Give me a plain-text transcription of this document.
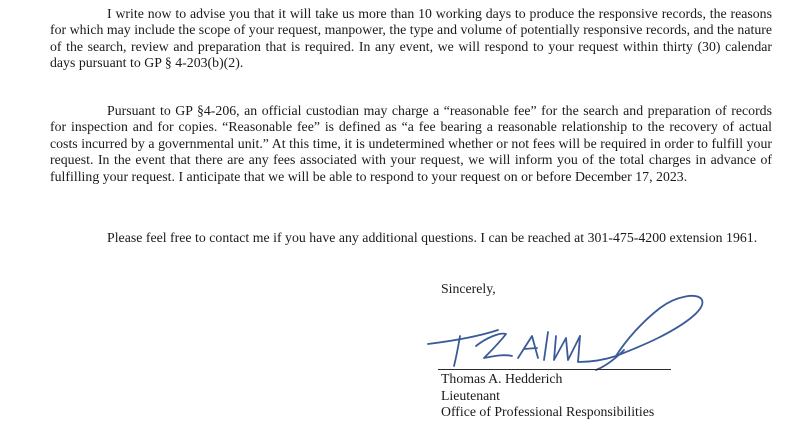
I write now to advise you that it will take us more than 10 working days to produce the responsive records, the reasons for which may include the scope of your request, manpower, the type and volume of potentially responsive records, and the nature of the search, review and preparation that is required. In any event, we will respond to your request within thirty (30) calendar days pursuant to GP § 4-203(b)(2).

Pursuant to GP §4-206, an official custodian may charge a “reasonable fee” for the search and preparation of records for inspection and for copies. “Reasonable fee” is defined as “a fee bearing a reasonable relationship to the recovery of actual costs incurred by a governmental unit.” At this time, it is undetermined whether or not fees will be required in order to fulfill your request. In the event that there are any fees associated with your request, we will inform you of the total charges in advance of fulfilling your request. I anticipate that we will be able to respond to your request on or before December 17, 2023.

Please feel free to contact me if you have any additional questions. I can be reached at 301-475-4200 extension 1961.

Sincerely,
Thomas A. Hedderich
Lieutenant
Office of Professional Responsibilities
